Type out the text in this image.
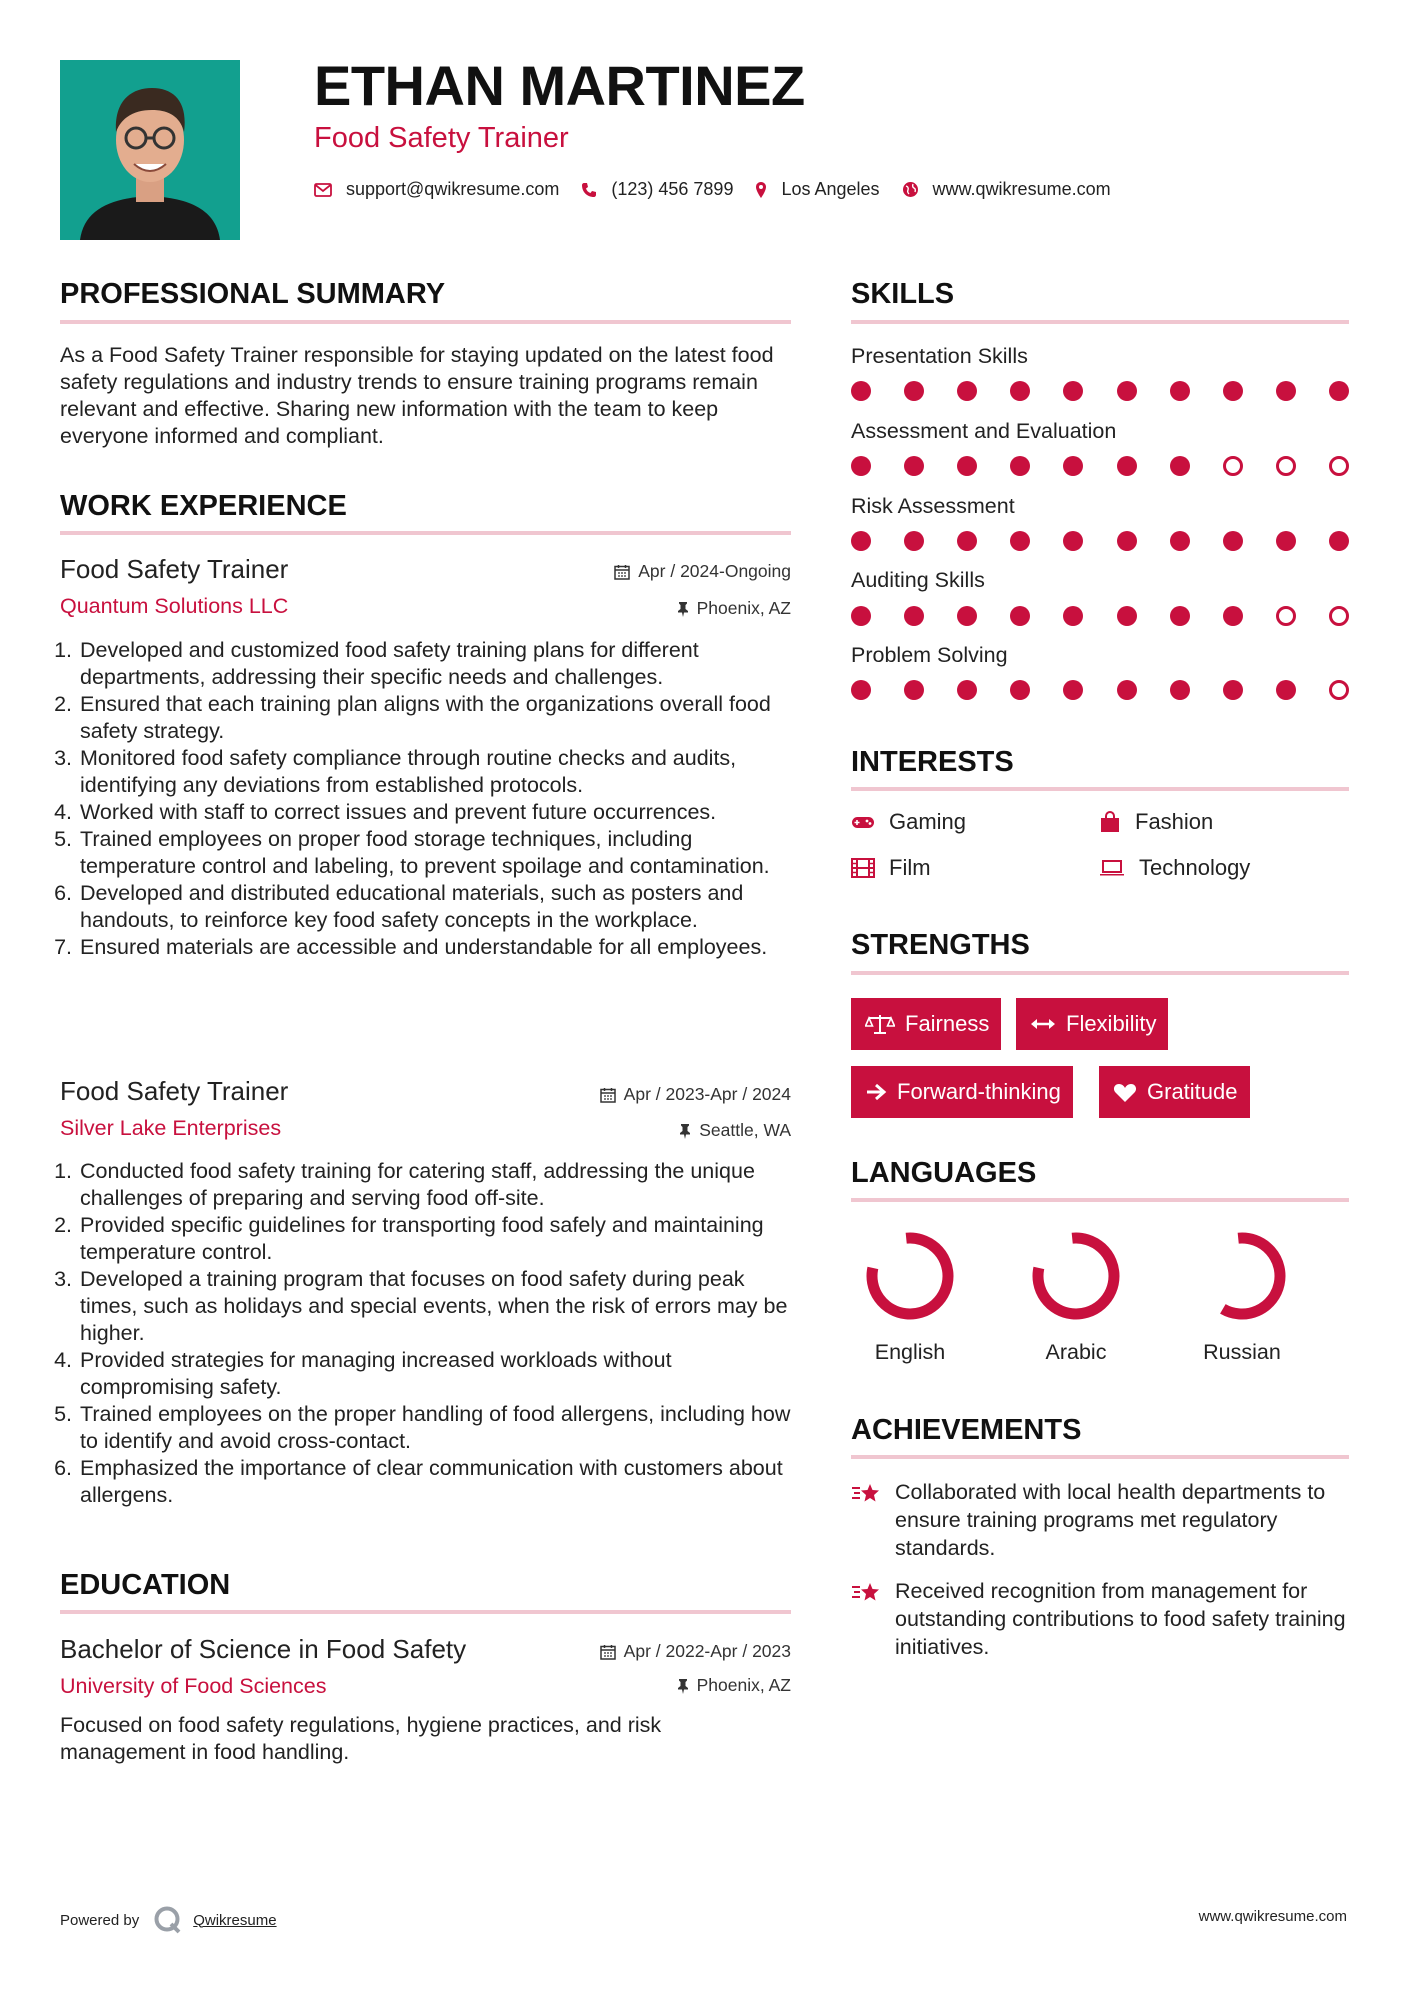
ETHAN MARTINEZ
Food Safety Trainer
support@qwikresume.com	(123) 456 7899	Los Angeles	www.qwikresume.com
PROFESSIONAL SUMMARY
As a Food Safety Trainer responsible for staying updated on the latest food safety regulations and industry trends to ensure training programs remain relevant and effective. Sharing new information with the team to keep everyone informed and compliant.
WORK EXPERIENCE
Food Safety Trainer
Quantum Solutions LLC
Apr / 2024-Ongoing
Phoenix, AZ
1. Developed and customized food safety training plans for different departments, addressing their specific needs and challenges.
2. Ensured that each training plan aligns with the organizations overall food safety strategy.
3. Monitored food safety compliance through routine checks and audits, identifying any deviations from established protocols.
4. Worked with staff to correct issues and prevent future occurrences.
5. Trained employees on proper food storage techniques, including temperature control and labeling, to prevent spoilage and contamination.
6. Developed and distributed educational materials, such as posters and handouts, to reinforce key food safety concepts in the workplace.
7. Ensured materials are accessible and understandable for all employees.
Food Safety Trainer
Silver Lake Enterprises
Apr / 2023-Apr / 2024
Seattle, WA
1. Conducted food safety training for catering staff, addressing the unique challenges of preparing and serving food off-site.
2. Provided specific guidelines for transporting food safely and maintaining temperature control.
3. Developed a training program that focuses on food safety during peak times, such as holidays and special events, when the risk of errors may be higher.
4. Provided strategies for managing increased workloads without compromising safety.
5. Trained employees on the proper handling of food allergens, including how to identify and avoid cross-contact.
6. Emphasized the importance of clear communication with customers about allergens.
EDUCATION
Bachelor of Science in Food Safety
University of Food Sciences
Apr / 2022-Apr / 2023
Phoenix, AZ
Focused on food safety regulations, hygiene practices, and risk management in food handling.
SKILLS
Presentation Skills
Assessment and Evaluation
Risk Assessment
Auditing Skills
Problem Solving
INTERESTS
Gaming	Fashion
Film	Technology
STRENGTHS
Fairness	Flexibility
Forward-thinking	Gratitude
LANGUAGES
English	Arabic	Russian
ACHIEVEMENTS
Collaborated with local health departments to ensure training programs met regulatory standards.
Received recognition from management for outstanding contributions to food safety training initiatives.
Powered by	Qwikresume	www.qwikresume.com
